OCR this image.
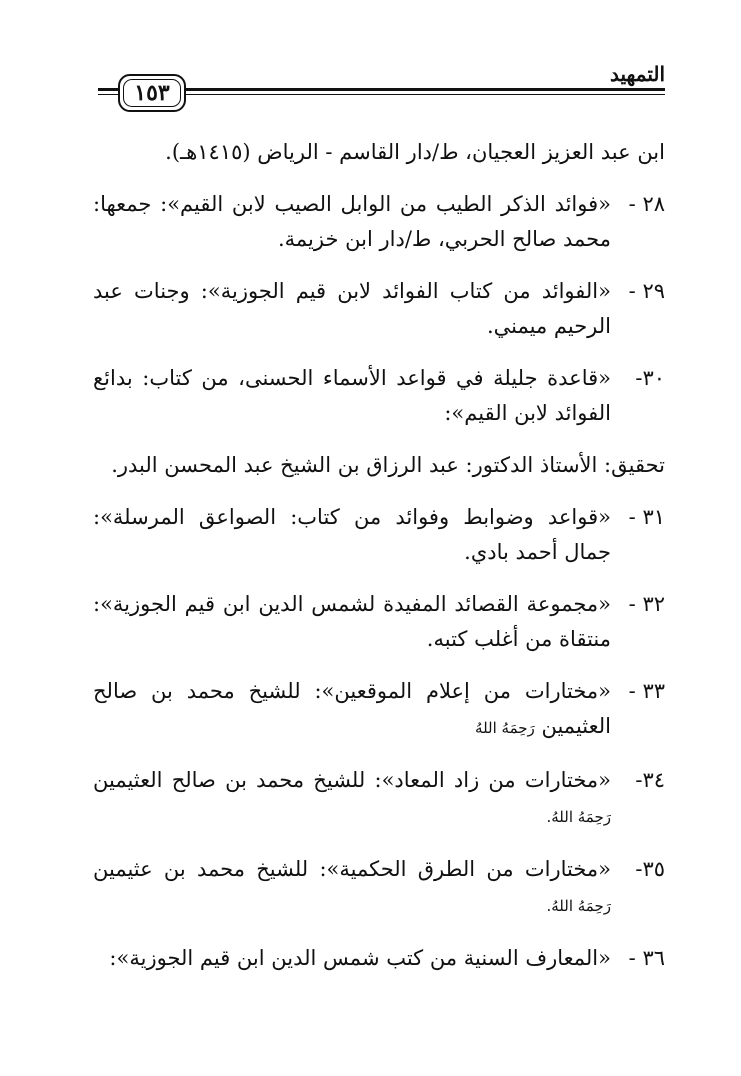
التمهيد
١٥٣
ابن عبد العزيز العجيان، ط/دار القاسم - الرياض (١٤١٥هـ).
٢٨ -
«فوائد الذكر الطيب من الوابل الصيب لابن القيم»: جمعها: محمد صالح الحربي، ط/دار ابن خزيمة.
٢٩ -
«الفوائد من كتاب الفوائد لابن قيم الجوزية»: وجنات عبد الرحيم ميمني.
٣٠-
«قاعدة جليلة في قواعد الأسماء الحسنى، من كتاب: بدائع الفوائد لابن القيم»:
تحقيق: الأستاذ الدكتور: عبد الرزاق بن الشيخ عبد المحسن البدر.
٣١ -
«قواعد وضوابط وفوائد من كتاب: الصواعق المرسلة»: جمال أحمد بادي.
٣٢ -
«مجموعة القصائد المفيدة لشمس الدين ابن قيم الجوزية»: منتقاة من أغلب كتبه.
٣٣ -
«مختارات من إعلام الموقعين»: للشيخ محمد بن صالح العثيمين رَحِمَهُ اللهُ
٣٤-
«مختارات من زاد المعاد»: للشيخ محمد بن صالح العثيمين رَحِمَهُ اللهُ.
٣٥-
«مختارات من الطرق الحكمية»: للشيخ محمد بن عثيمين رَحِمَهُ اللهُ.
٣٦ -
«المعارف السنية من كتب شمس الدين ابن قيم الجوزية»:
